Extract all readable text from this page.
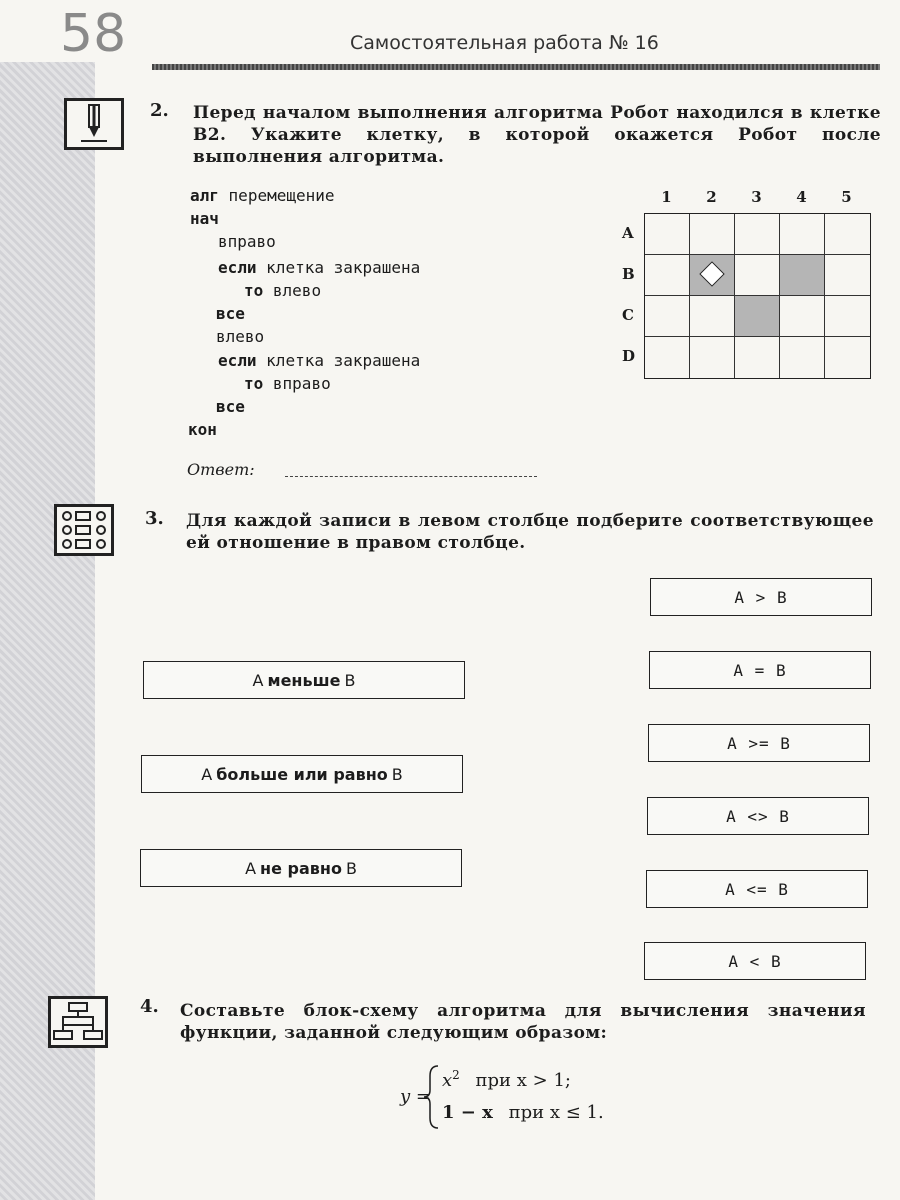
58	Самостоятельная работа № 16
2. Перед началом выполнения алгоритма Робот находился в клетке В2. Укажите клетку, в которой окажется Робот после выполнения алгоритма.
алг перемещение
нач
вправо
если клетка закрашена
то влево
все
влево
если клетка закрашена
то вправо
все
кон
Ответ:
1	2	3	4	5
A
B
C
D
3. Для каждой записи в левом столбце подберите соответствующее ей отношение в правом столбце.
А меньше В
А больше или равно В
А не равно В
А > В
А = В
А >= В
А <> В
А <= В
А < В
4. Составьте блок-схему алгоритма для вычисления значения функции, заданной следующим образом:
y =
$x^2$ при x > 1;
1 − x при x ≤ 1.
